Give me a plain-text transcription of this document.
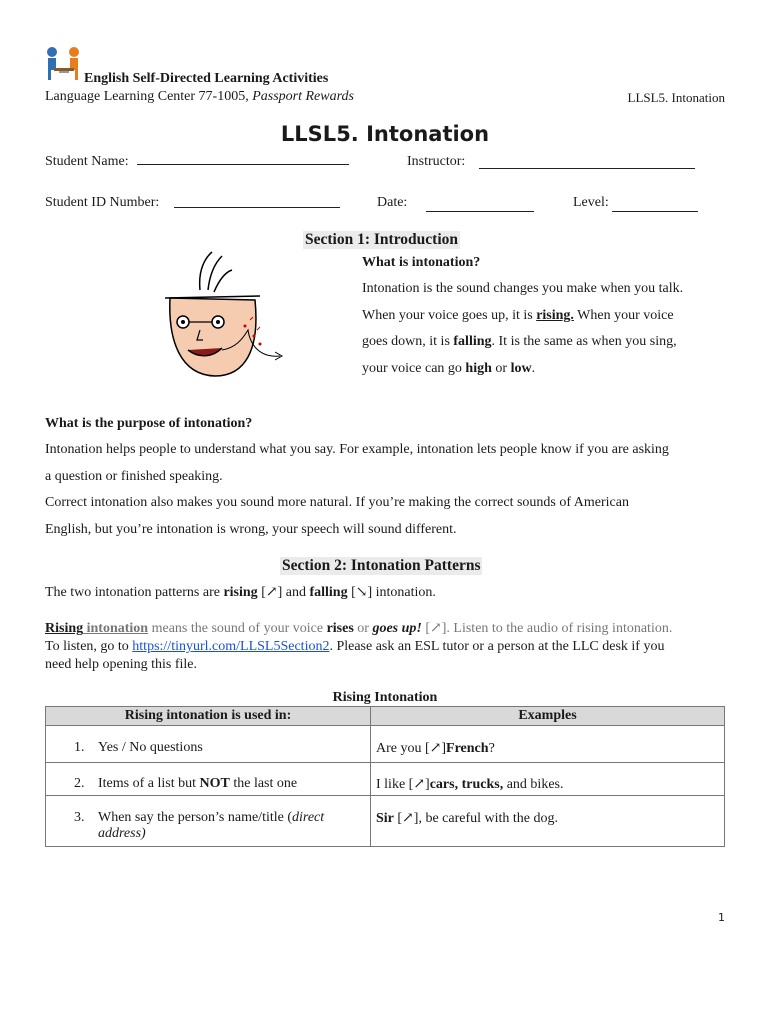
English Self-Directed Learning Activities
Language Learning Center 77-1005, Passport Rewards	LLSL5. Intonation
LLSL5. Intonation
Student Name:	Instructor:
Student ID Number:	Date:	Level:
Section 1: Introduction
What is intonation?
Intonation is the sound changes you make when you talk.
When your voice goes up, it is rising. When your voice
goes down, it is falling. It is the same as when you sing,
your voice can go high or low.
What is the purpose of intonation?
Intonation helps people to understand what you say. For example, intonation lets people know if you are asking
a question or finished speaking.
Correct intonation also makes you sound more natural. If you’re making the correct sounds of American
English, but you’re intonation is wrong, your speech will sound different.
Section 2: Intonation Patterns
The two intonation patterns are rising [↗] and falling [↘] intonation.
Rising intonation means the sound of your voice rises or goes up! [↗]. Listen to the audio of rising intonation.
To listen, go to https://tinyurl.com/LLSL5Section2. Please ask an ESL tutor or a person at the LLC desk if you
need help opening this file.
Rising Intonation
Rising intonation is used in:	Examples
1. Yes / No questions	Are you [↗]French?
2. Items of a list but NOT the last one	I like [↗]cars, trucks, and bikes.

3. When say the person’s name/title (direct
address)	Sir [↗], be careful with the dog.
1
